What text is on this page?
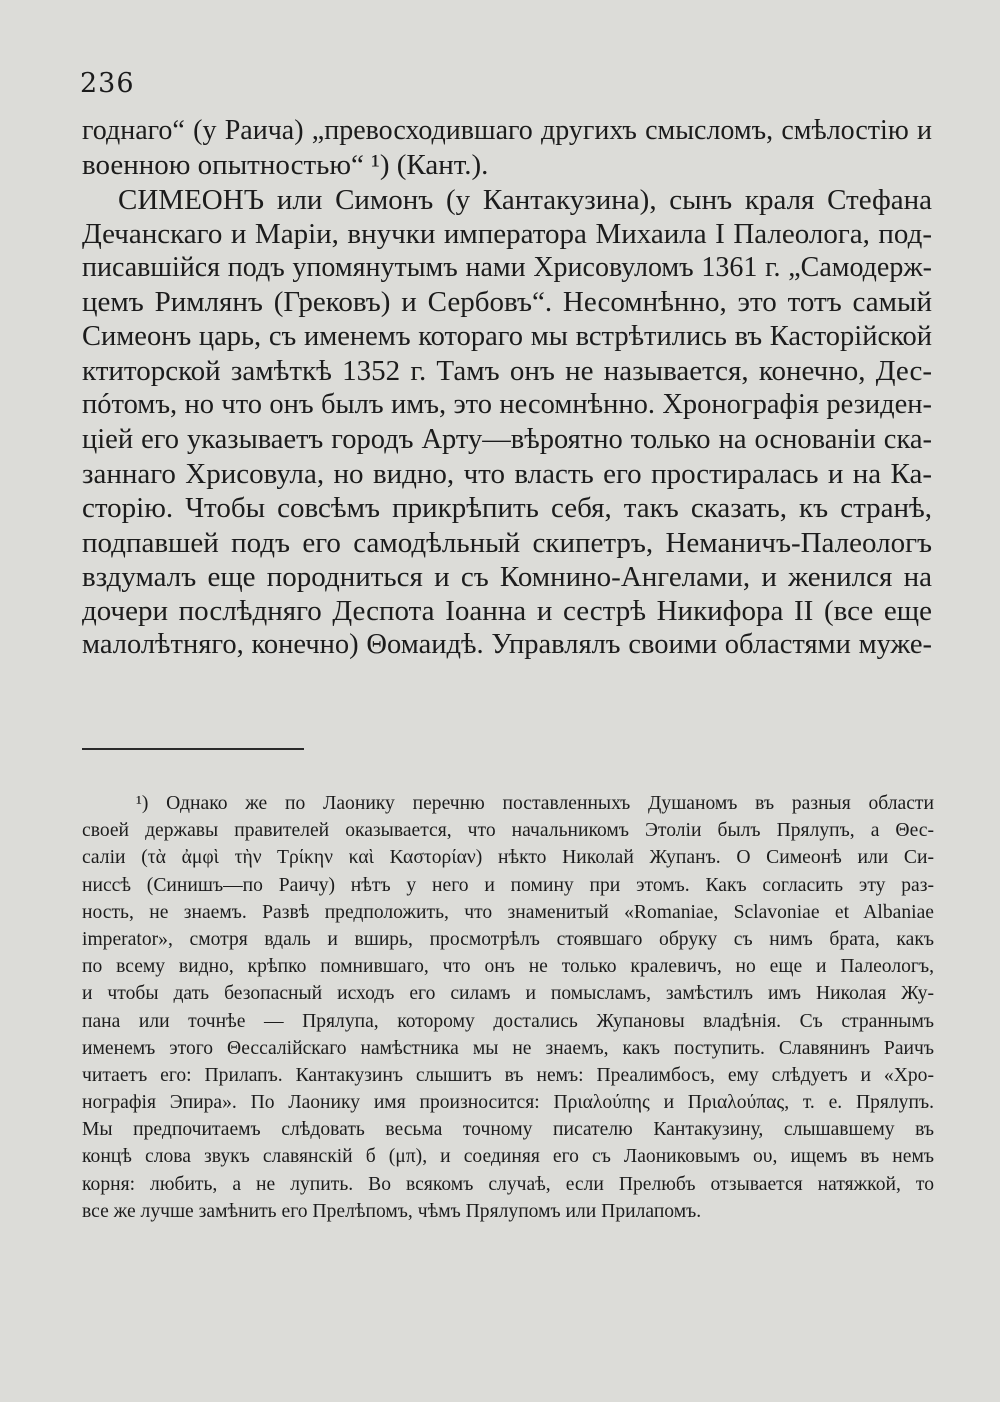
236
годнаго“ (у Раича) „превосходившаго другихъ смысломъ, смѣлостію и
военною опытностью“ ¹) (Кант.).
СИМЕОНЪ или Симонъ (у Кантакузина), сынъ краля Стефана
Дечанскаго и Маріи, внучки императора Михаила I Палеолога, под-
писавшійся подъ упомянутымъ нами Хрисовуломъ 1361 г. „Самодерж-
цемъ Римлянъ (Грековъ) и Сербовъ“. Несомнѣнно, это тотъ самый
Симеонъ царь, съ именемъ котораго мы встрѣтились въ Касторійской
ктиторской замѣткѣ 1352 г. Тамъ онъ не называется, конечно, Дес-
пóтомъ, но что онъ былъ имъ, это несомнѣнно. Хронографія резиден-
ціей его указываетъ городъ Арту—вѣроятно только на основаніи ска-
заннаго Хрисовула, но видно, что власть его простиралась и на Ка-
сторію. Чтобы совсѣмъ прикрѣпить себя, такъ сказать, къ странѣ,
подпавшей подъ его самодѣльный скипетръ, Неманичъ-Палеологъ
вздумалъ еще породниться и съ Комнино-Ангелами, и женился на
дочери послѣдняго Деспота Іоанна и сестрѣ Никифора II (все еще
малолѣтняго, конечно) Θомаидѣ. Управлялъ своими областями муже-
¹) Однако же по Лаонику перечню поставленныхъ Душаномъ въ разныя области
своей державы правителей оказывается, что начальникомъ Этоліи былъ Прялупъ, а Θес-
саліи (τὰ ἀμφὶ τὴν Τρίκην καὶ Καστορίαν) нѣкто Николай Жупанъ. О Симеонѣ или Си-
ниссѣ (Синишъ—по Раичу) нѣтъ у него и помину при этомъ. Какъ согласить эту раз-
ность, не знаемъ. Развѣ предположить, что знаменитый «Romaniae, Sclavoniae et Albaniae
imperator», смотря вдаль и вширь, просмотрѣлъ стоявшаго обруку съ нимъ брата, какъ
по всему видно, крѣпко помнившаго, что онъ не только кралевичъ, но еще и Палеологъ,
и чтобы дать безопасный исходъ его силамъ и помысламъ, замѣстилъ имъ Николая Жу-
пана или точнѣе — Прялупа, которому достались Жупановы владѣнія. Съ страннымъ
именемъ этого Θессалійскаго намѣстника мы не знаемъ, какъ поступить. Славянинъ Раичъ
читаетъ его: Прилапъ. Кантакузинъ слышитъ въ немъ: Преалимбосъ, ему слѣдуетъ и «Хро-
нографія Эпира». По Лаонику имя произносится: Πριαλούπης и Πριαλούπας, т. е. Прялупъ.
Мы предпочитаемъ слѣдовать весьма точному писателю Кантакузину, слышавшему въ
концѣ слова звукъ славянскій б (μπ), и соединяя его съ Лаониковымъ ου, ищемъ въ немъ
корня: любить, а не лупить. Во всякомъ случаѣ, если Прелюбъ отзывается натяжкой, то
все же лучше замѣнить его Прелѣпомъ, чѣмъ Прялупомъ или Прилапомъ.
